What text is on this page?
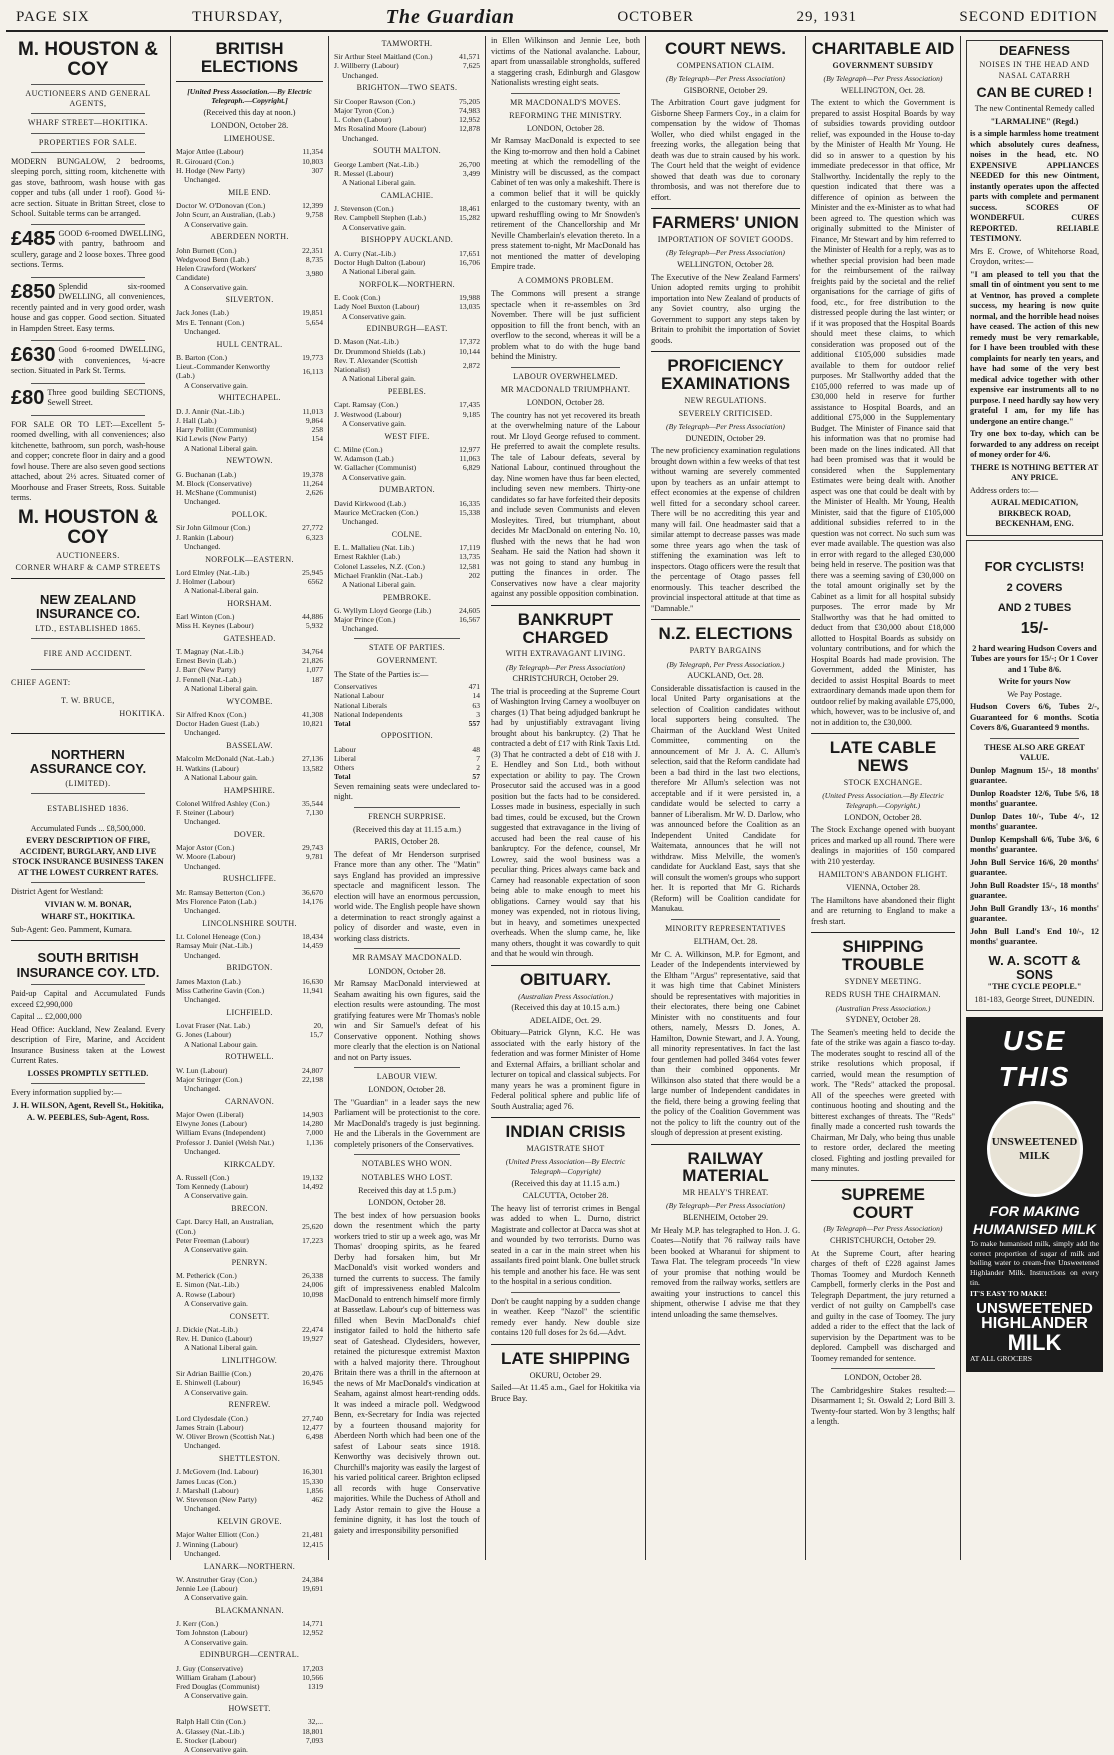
PAGE SIX	THURSDAY,	The Guardian	OCTOBER	29, 1931	SECOND EDITION
M. HOUSTON & COY
AUCTIONEERS AND GENERAL AGENTS,
WHARF STREET—HOKITIKA.
PROPERTIES FOR SALE.

MODERN BUNGALOW, 2 bedrooms, sleeping porch, sitting room, kitchenette with gas stove, bathroom, wash house with gas copper and tubs (all under 1 roof). Good ¼-acre section. Situate in Brittan Street, close to School. Suitable terms can be arranged.

£485 GOOD 6-roomed DWELLING, with pantry, bathroom and scullery, garage and 2 loose boxes. Three good sections. Terms.

£850 Splendid six-roomed DWELLING, all conveniences, recently painted and in very good order, wash house and gas copper. Good section. Situated in Hampden Street. Easy terms.

£630 Good 6-roomed DWELLING, with conveniences, ¼-acre section. Situated in Park St. Terms.

£80 Three good building SECTIONS, Sewell Street.

FOR SALE OR TO LET:—Excellent 5-roomed dwelling, with all conveniences; also kitchenette, bathroom, sun porch, wash-house and copper; concrete floor in dairy and a good fowl house. There are also seven good sections attached, about 2½ acres. Situated corner of Moorhouse and Fraser Streets, Ross. Suitable terms.

M. HOUSTON & COY
AUCTIONEERS.
CORNER WHARF & CAMP STREETS
NEW ZEALAND INSURANCE CO.
LTD., ESTABLISHED 1865.
FIRE AND ACCIDENT.
CHIEF AGENT:
T. W. BRUCE,
HOKITIKA.
NORTHERN ASSURANCE COY.
(LIMITED).
ESTABLISHED 1836.

Accumulated Funds ... £8,500,000.

EVERY DESCRIPTION OF FIRE, ACCIDENT, BURGLARY, AND LIVE STOCK INSURANCE BUSINESS TAKEN AT THE LOWEST CURRENT RATES.

District Agent for Westland:

VIVIAN W. M. BONAR,

WHARF ST., HOKITIKA.

Sub-Agent: Geo. Pamment, Kumara.

SOUTH BRITISH INSURANCE COY. LTD.

Paid-up Capital and Accumulated Funds exceed £2,990,000

Capital ... £2,000,000

Head Office: Auckland, New Zealand. Every description of Fire, Marine, and Accident Insurance Business taken at the Lowest Current Rates.

LOSSES PROMPTLY SETTLED.

Every information supplied by:—

J. H. WILSON, Agent, Revell St., Hokitika,

A. W. PEEBLES, Sub-Agent, Ross.

BRITISH ELECTIONS

[United Press Association.—By Electric Telegraph.—Copyright.]

(Received this day at noon.)

LONDON, October 28.

LIMEHOUSE.
Major Attlee (Labour)	11,354
R. Girouard (Con.)	10,803
H. Hodge (New Party)	307
Unchanged.
MILE END.
Doctor W. O'Donovan (Con.)	12,399
John Scurr, an Australian, (Lab.)	9,758
A Conservative gain.
ABERDEEN NORTH.
John Burnett (Con.)	22,351
Wedgwood Benn (Lab.)	8,735
Helen Crawford (Workers' Candidate)	3,980
A Conservative gain.
SILVERTON.
Jack Jones (Lab.)	19,851
Mrs E. Tennant (Con.)	5,654
Unchanged.
HULL CENTRAL.
B. Barton (Con.)	19,773
Lieut.-Commander Kenworthy (Lab.)	16,113
A Conservative gain.
WHITECHAPEL.
D. J. Annir (Nat.-Lib.)	11,013
J. Hall (Lab.)	9,864
Harry Pollitt (Communist)	258
Kid Lewis (New Party)	154
A National Liberal gain.
NEWTOWN.
G. Buchanan (Lab.)	19,378
M. Block (Conservative)	11,264
H. McShane (Communist)	2,626
Unchanged.
POLLOK.
Sir John Gilmour (Con.)	27,772
J. Rankin (Labour)	6,323
Unchanged.
NORFOLK—EASTERN.
Lord Elmley (Nat.-Lib.)	25,945
J. Holmer (Labour)	6562
A National-Liberal gain.
HORSHAM.
Earl Winton (Con.)	44,886
Miss H. Keynes (Labour)	5,932
GATESHEAD.
T. Magnay (Nat.-Lib.)	34,764
Ernest Bevin (Lab.)	21,826
J. Barr (New Party)	1,077
J. Fennell (Nat.-Lab.)	187
A National Liberal gain.
WYCOMBE.
Sir Alfred Knox (Con.)	41,308
Doctor Haden Guest (Lab.)	10,821
Unchanged.
BASSELAW.
Malcolm McDonald (Nat.-Lab.)	27,136
H. Watkins (Labour)	13,582
A National Labour gain.
HAMPSHIRE.
Colonel Wilfred Ashley (Con.)	35,544
F. Steiner (Labour)	7,130
Unchanged.
DOVER.
Major Astor (Con.)	29,743
W. Moore (Labour)	9,781
Unchanged.
RUSHCLIFFE.
Mr. Ramsay Betterton (Con.)	36,670
Mrs Florence Paton (Lab.)	14,176
Unchanged.
LINCOLNSHIRE SOUTH.
Lt. Colonel Heneage (Con.)	18,434
Ramsay Muir (Nat.-Lib.)	14,459
Unchanged.
BRIDGTON.
James Maxton (Lab.)	16,630
Miss Catherine Gavin (Con.)	11,941
Unchanged.
LICHFIELD.
Lovat Fraser (Nat. Lab.)	20,
G. Jones (Labour)	15,7
A National Labour gain.
ROTHWELL.
W. Lun (Labour)	24,807
Major Stringer (Con.)	22,198
Unchanged.
CARNAVON.
Major Owen (Liberal)	14,903
Elwyne Jones (Labour)	14,280
William Evans (Independent)	7,000
Professor J. Daniel (Welsh Nat.)	1,136
Unchanged.
KIRKCALDY.
A. Russell (Con.)	19,132
Tom Kennedy (Labour)	14,492
A Conservative gain.
BRECON.
Capt. Darcy Hall, an Australian, (Con.)	25,620
Peter Freeman (Labour)	17,223
A Conservative gain.
PENRYN.
M. Petherick (Con.)	26,338
E. Simon (Nat.-Lib.)	24,006
A. Rowse (Labour)	10,098
A Conservative gain.
CONSETT.
J. Dickie (Nat.-Lib.)	22,474
Rev. H. Dunico (Labour)	19,927
A National Liberal gain.
LINLITHGOW.
Sir Adrian Baillie (Con.)	20,476
E. Shinwell (Labour)	16,945
A Conservative gain.
RENFREW.
Lord Clydesdale (Con.)	27,740
James Strain (Labour)	12,477
W. Oliver Brown (Scottish Nat.)	6,498
Unchanged.
SHETTLESTON.
J. McGovern (Ind. Labour)	16,301
James Lucas (Con.)	15,330
J. Marshall (Labour)	1,856
W. Stevenson (New Party)	462
Unchanged.
KELVIN GROVE.
Major Walter Elliott (Con.)	21,481
J. Winning (Labour)	12,415
Unchanged.
LANARK—NORTHERN.
W. Anstruther Gray (Con.)	24,384
Jennie Lee (Labour)	19,691
A Conservative gain.
BLACKMANNAN.
J. Kerr (Con.)	14,771
Tom Johnston (Labour)	12,952
A Conservative gain.
EDINBURGH—CENTRAL.
J. Guy (Conservative)	17,203
William Graham (Labour)	10,566
Fred Douglas (Communist)	1319
A Conservative gain.
HOWSETT.
Ralph Hall Ctin (Con.)	32,...
A. Glassey (Nat.-Lib.)	18,801
E. Stocker (Labour)	7,093
A Conservative gain.
TAMWORTH.
Sir Arthur Steel Maitland (Con.)	41,571
J. Willberry (Labour)	7,625
Unchanged.
BRIGHTON—TWO SEATS.
Sir Cooper Rawson (Con.)	75,205
Major Tyron (Con.)	74,983
L. Cohen (Labour)	12,952
Mrs Rosalind Moore (Labour)	12,878
Unchanged.
SOUTH MALTON.
George Lambert (Nat.-Lib.)	26,700
R. Messel (Labour)	3,499
A National Liberal gain.
CAMLACHIE.
J. Stevenson (Con.)	18,461
Rev. Campbell Stephen (Lab.)	15,282
A Conservative gain.
BISHOPPY AUCKLAND.
A. Curry (Nat.-Lib.)	17,651
Doctor Hugh Dalton (Labour)	16,706
A National Liberal gain.
NORFOLK—NORTHERN.
E. Cook (Con.)	19,988
Lady Noel Buxton (Labour)	13,035
A Conservative gain.
EDINBURGH—EAST.
D. Mason (Nat.-Lib.)	17,372
Dr. Drummond Shields (Lab.)	10,144
Rev. T. Alexander (Scottish Nationalist)	2,872
A National Liberal gain.
PEEBLES.
Capt. Ramsay (Con.)	17,435
J. Westwood (Labour)	9,185
A Conservative gain.
WEST FIFE.
C. Milne (Con.)	12,977
W. Adamson (Lab.)	11,063
W. Gallacher (Communist)	6,829
A Conservative gain.
DUMBARTON.
David Kirkwood (Lab.)	16,335
Maurice McCracken (Con.)	15,338
Unchanged.
COLNE.
E. L. Mallalieu (Nat. Lib.)	17,119
Ernest Rakhler (Lab.)	13,735
Colonel Lasseles, N.Z. (Con.)	12,581
Michael Franklin (Nat.-Lab.)	202
A National Liberal gain.
PEMBROKE.
G. Wyllym Lloyd George (Lib.)	24,605
Major Prince (Con.)	16,567
Unchanged.
STATE OF PARTIES.
GOVERNMENT.

The State of the Parties is:—

Conservatives	471
National Labour	14
National Liberals	63
National Independents	3
Total	557
OPPOSITION.
Labour	48
Liberal	7
Others	2
Total	57

Seven remaining seats were undeclared to-night.

FRENCH SURPRISE.

(Received this day at 11.15 a.m.)

PARIS, October 28.

The defeat of Mr Henderson surprised France more than any other. The "Matin" says England has provided an impressive spectacle and magnificent lesson. The election will have an enormous percussion, world wide. The English people have shown a determination to react strongly against a policy of disorder and waste, even in working class districts.

MR RAMSAY MACDONALD.

LONDON, October 28.

Mr Ramsay MacDonald interviewed at Seaham awaiting his own figures, said the election results were astounding. The most gratifying features were Mr Thomas's noble win and Sir Samuel's defeat of his Conservative opponent. Nothing shows more clearly that the election is on National and not on Party issues.

LABOUR VIEW.

LONDON, October 28.

The "Guardian" in a leader says the new Parliament will be protectionist to the core. Mr MacDonald's tragedy is just beginning. He and the Liberals in the Government are completely prisoners of the Conservatives.

NOTABLES WHO WON.
NOTABLES WHO LOST.

Received this day at 1.5 p.m.)

LONDON, October 28.

The best index of how persuasion books down the resentment which the party workers tried to stir up a week ago, was Mr Thomas' drooping spirits, as he feared Derby had forsaken him, but Mr MacDonald's visit worked wonders and turned the currents to success. The family gift of impressiveness enabled Malcolm MacDonald to entrench himself more firmly at Bassetlaw. Labour's cup of bitterness was filled when Bevin MacDonald's chief instigator failed to hold the hitherto safe seat of Gateshead. Clydesiders, however, retained the picturesque extremist Maxton with a halved majority there. Throughout Britain there was a thrill in the afternoon at the news of Mr MacDonald's vindication at Seaham, against almost heart-rending odds. It was indeed a miracle poll. Wedgwood Benn, ex-Secretary for India was rejected by a fourteen thousand majority for Aberdeen North which had been one of the safest of Labour seats since 1918. Kenworthy was decisively thrown out. Churchill's majority was easily the largest of his varied political career. Brighton eclipsed all records with huge Conservative majorities. While the Duchess of Atholl and Lady Astor remain to give the House a feminine dignity, it has lost the touch of gaiety and irresponsibility personified

in Ellen Wilkinson and Jennie Lee, both victims of the National avalanche. Labour, apart from unassailable strongholds, suffered a staggering crash, Edinburgh and Glasgow Nationalists wresting eight seats.

MR MACDONALD'S MOVES.
REFORMING THE MINISTRY.

LONDON, October 28.

Mr Ramsay MacDonald is expected to see the King to-morrow and then hold a Cabinet meeting at which the remodelling of the Ministry will be discussed, as the compact Cabinet of ten was only a makeshift. There is a common belief that it will be quickly enlarged to the customary twenty, with an upward reshuffling owing to Mr Snowden's retirement of the Chancellorship and Mr Neville Chamberlain's elevation thereto. In a press statement to-night, Mr MacDonald has not mentioned the matter of developing Empire trade.

A COMMONS PROBLEM.

The Commons will present a strange spectacle when it re-assembles on 3rd November. There will be just sufficient opposition to fill the front bench, with an overflow to the second, whereas it will be a problem what to do with the huge band behind the Ministry.

LABOUR OVERWHELMED.
MR MACDONALD TRIUMPHANT.

LONDON, October 28.

The country has not yet recovered its breath at the overwhelming nature of the Labour rout. Mr Lloyd George refused to comment. He preferred to await the complete results. The tale of Labour defeats, several by National Labour, continued throughout the day. Nine women have thus far been elected, including seven new members. Thirty-one candidates so far have forfeited their deposits and include seven Communists and eleven Mosleyites. Tired, but triumphant, about decides Mr MacDonald on entering No. 10, flushed with the news that he had won Seaham. He said the Nation had shown it was not going to stand any humbug in putting the finances in order. The Conservatives now have a clear majority against any possible opposition combination.

BANKRUPT CHARGED
WITH EXTRAVAGANT LIVING.

(By Telegraph—Per Press Association)

CHRISTCHURCH, October 29.

The trial is proceeding at the Supreme Court of Washington Irving Carney a woolbuyer on charges (1) That being adjudged bankrupt he had by unjustifiably extravagant living brought about his bankruptcy. (2) That he contracted a debt of £17 with Rink Taxis Ltd. (3) That he contracted a debt of £18 with J. E. Hendley and Son Ltd., both without expectation or ability to pay. The Crown Prosecutor said the accused was in a good position but the facts had to be considered. Losses made in business, especially in such bad times, could be excused, but the Crown suggested that extravagance in the living of accused had been the real cause of his bankruptcy. For the defence, counsel, Mr Lowrey, said the wool business was a peculiar thing. Prices always came back and Carney had reasonable expectation of soon being able to make enough to meet his obligations. Carney would say that his money was expended, not in riotous living, but in heavy, and sometimes unexpected overheads. When the slump came, he, like many others, thought it was cowardly to quit and that he would win through.

OBITUARY.

(Australian Press Association.)

(Received this day at 10.15 a.m.)

ADELAIDE, Oct. 29.

Obituary—Patrick Glynn, K.C. He was associated with the early history of the federation and was former Minister of Home and External Affairs, a brilliant scholar and lecturer on topical and classical subjects. For many years he was a prominent figure in Federal political sphere and public life of South Australia; aged 76.

INDIAN CRISIS
MAGISTRATE SHOT

(United Press Association—By Electric Telegraph—Copyright)

(Received this day at 11.15 a.m.)

CALCUTTA, October 28.

The heavy list of terrorist crimes in Bengal was added to when L. Durno, district Magistrate and collector at Dacca was shot at and wounded by two terrorists. Durno was seated in a car in the main street when his assailants fired point blank. One bullet struck his temple and another his face. He was sent to the hospital in a serious condition.

Don't be caught napping by a sudden change in weather. Keep "Nazol" the scientific remedy ever handy. New double size contains 120 full doses for 2s 6d.—Advt.

LATE SHIPPING

OKURU, October 29.

Sailed—At 11.45 a.m., Gael for Hokitika via Bruce Bay.

COURT NEWS.
COMPENSATION CLAIM.

(By Telegraph—Per Press Association)

GISBORNE, October 29.

The Arbitration Court gave judgment for Gisborne Sheep Farmers Coy., in a claim for compensation by the widow of Thomas Woller, who died whilst engaged in the freezing works, the allegation being that death was due to strain caused by his work. The Court held that the weight of evidence showed that death was due to coronary thrombosis, and was not therefore due to effort.

FARMERS' UNION
IMPORTATION OF SOVIET GOODS.

(By Telegraph—Per Press Association)

WELLINGTON, October 28.

The Executive of the New Zealand Farmers' Union adopted remits urging to prohibit importation into New Zealand of products of any Soviet country, also urging the Government to support any steps taken by Britain to prohibit the importation of Soviet goods.

PROFICIENCY EXAMINATIONS
NEW REGULATIONS.
SEVERELY CRITICISED.

(By Telegraph—Per Press Association)

DUNEDIN, October 29.

The new proficiency examination regulations brought down within a few weeks of that test without warning are severely commented upon by teachers as an unfair attempt to effect economies at the expense of children well fitted for a secondary school career. There will be no accrediting this year and many will fail. One headmaster said that a similar attempt to decrease passes was made some three years ago when the task of stiffening the examination was left to inspectors. Otago officers were the result that the percentage of Otago passes fell enormously. This teacher described the provincial inspectoral attitude at that time as "Damnable."

N.Z. ELECTIONS
PARTY BARGAINS

(By Telegraph, Per Press Association.)

AUCKLAND, Oct. 28.

Considerable dissatisfaction is caused in the local United Party organisations at the selection of Coalition candidates without local supporters being consulted. The Chairman of the Auckland West United Committee, commenting on the announcement of Mr J. A. C. Allum's selection, said that the Reform candidate had been a bad third in the last two elections, therefore Mr Allum's selection was not acceptable and if it were persisted in, a candidate would be selected to carry a banner of Liberalism. Mr W. D. Darlow, who was announced before the Coalition as an Independent United Candidate for Waitemata, announces that he will not withdraw. Miss Melville, the women's candidate for Auckland East, says that she will consult the women's groups who support her. It is reported that Mr G. Richards (Reform) will be Coalition candidate for Manukau.

MINORITY REPRESENTATIVES

ELTHAM, Oct. 28.

Mr C. A. Wilkinson, M.P. for Egmont, and Leader of the Independents interviewed by the Eltham "Argus" representative, said that it was high time that Cabinet Ministers should be representatives with majorities in their electorates, there being one Cabinet Minister with no constituents and four others, namely, Messrs D. Jones, A. Hamilton, Downie Stewart, and J. A. Young, all minority representatives. In fact the last four gentlemen had polled 3464 votes fewer than their combined opponents. Mr Wilkinson also stated that there would be a large number of Independent candidates in the field, there being a growing feeling that the policy of the Coalition Government was not the policy to lift the country out of the slough of depression at present existing.

RAILWAY MATERIAL
MR HEALY'S THREAT.

(By Telegraph—Per Press Association)

BLENHEIM, October 29.

Mr Healy M.P. has telegraphed to Hon. J. G. Coates—Notify that 76 railway rails have been booked at Wharanui for shipment to Tawa Flat. The telegram proceeds "In view of your promise that nothing would be removed from the railway works, settlers are awaiting your instructions to cancel this shipment, otherwise I advise me that they intend unloading the same themselves.

CHARITABLE AID
GOVERNMENT SUBSIDY

(By Telegraph—Per Press Association)

WELLINGTON, Oct. 28.

The extent to which the Government is prepared to assist Hospital Boards by way of subsidies towards providing outdoor relief, was expounded in the House to-day by the Minister of Health Mr Young. He did so in answer to a question by his immediate predecessor in that office, Mr Stallworthy. Incidentally the reply to the question indicated that there was a difference of opinion as between the Minister and the ex-Minister as to what had been agreed to. The question which was originally submitted to the Minister of Finance, Mr Stewart and by him referred to the Minister of Health for a reply, was as to whether special provision had been made for the reimbursement of the railway freights paid by the societal and the relief organisations for the carriage of gifts of food, etc., for free distribution to the distressed people during the last winter; or if it was proposed that the Hospital Boards should meet these claims, to which consideration was proposed out of the additional £105,000 subsidies made available to them for outdoor relief purposes. Mr Stallworthy added that the £105,000 referred to was made up of £30,000 held in reserve for further assistance to Hospital Boards, and an additional £75,000 in the Supplementary Budget. The Minister of Finance said that his information was that no promise had been made on the lines indicated. All that had been promised was that it would be considered when the Supplementary Estimates were being dealt with. Another aspect was one that could be dealt with by the Minister of Health. Mr Young, Health Minister, said that the figure of £105,000 additional subsidies referred to in the question was not correct. No such sum was ever made available. The question was also in error with regard to the alleged £30,000 being held in reserve. The position was that there was a seeming saving of £30,000 on the total amount originally set by the Cabinet as a limit for all hospital subsidy purposes. The error made by Mr Stallworthy was that he had omitted to deduct from that £30,000 about £18,000 allotted to Hospital Boards as subsidy on voluntary contributions, and for which the Hospital Boards had made provision. The Government, added the Minister, has decided to assist Hospital Boards to meet extraordinary demands made upon them for outdoor relief by making available £75,000, which, however, was to be inclusive of, and not in addition to, the £30,000.

LATE CABLE NEWS
STOCK EXCHANGE.

(United Press Association.—By Electric Telegraph.—Copyright.)

LONDON, October 28.

The Stock Exchange opened with buoyant prices and marked up all round. There were dealings in majorities of 150 compared with 210 yesterday.

HAMILTON'S ABANDON FLIGHT.

VIENNA, October 28.

The Hamiltons have abandoned their flight and are returning to England to make a fresh start.

SHIPPING TROUBLE
SYDNEY MEETING.
REDS RUSH THE CHAIRMAN.

(Australian Press Association.)

SYDNEY, October 28.

The Seamen's meeting held to decide the fate of the strike was again a fiasco to-day. The moderates sought to rescind all of the strike resolutions which proposal, if carried, would mean the resumption of work. The "Reds" attacked the proposal. All of the speeches were greeted with continuous hooting and shouting and the bitterest exchanges of threats. The "Reds" finally made a concerted rush towards the Chairman, Mr Daly, who being thus unable to restore order, declared the meeting closed. Fighting and jostling prevailed for many minutes.

SUPREME COURT

(By Telegraph—Per Press Association)

CHRISTCHURCH, October 29.

At the Supreme Court, after hearing charges of theft of £228 against James Thomas Toomey and Murdoch Kenneth Campbell, formerly clerks in the Post and Telegraph Department, the jury returned a verdict of not guilty on Campbell's case and guilty in the case of Toomey. The jury added a rider to the effect that the lack of supervision by the Department was to be deplored. Campbell was discharged and Toomey remanded for sentence.

LONDON, October 28.

The Cambridgeshire Stakes resulted:—Disarmament 1; St. Oswald 2; Lord Bill 3. Twenty-four started. Won by 3 lengths; half a length.

DEAFNESS
NOISES IN THE HEAD AND NASAL CATARRH
CAN BE CURED !

The new Continental Remedy called

"LARMALINE" (Regd.)

is a simple harmless home treatment which absolutely cures deafness, noises in the head, etc. NO EXPENSIVE APPLIANCES NEEDED for this new Ointment, instantly operates upon the affected parts with complete and permanent success. SCORES OF WONDERFUL CURES REPORTED. RELIABLE TESTIMONY.

Mrs E. Crowe, of Whitehorse Road, Croydon, writes:—

"I am pleased to tell you that the small tin of ointment you sent to me at Ventnor, has proved a complete success, my hearing is now quite normal, and the horrible head noises have ceased. The action of this new remedy must be very remarkable, for I have been troubled with these complaints for nearly ten years, and have had some of the very best medical advice together with other expensive ear instruments all to no purpose. I need hardly say how very grateful I am, for my life has undergone an entire change."

Try one box to-day, which can be forwarded to any address on receipt of money order for 4/6.

THERE IS NOTHING BETTER AT ANY PRICE.

Address orders to:—

AURAL MEDICATION, BIRKBECK ROAD, BECKENHAM, ENG.

FOR CYCLISTS!
2 COVERS
AND 2 TUBES
15/-

2 hard wearing Hudson Covers and Tubes are yours for 15/-; Or 1 Cover and 1 Tube 8/6.

Write for yours Now

We Pay Postage.

Hudson Covers 6/6, Tubes 2/-, Guaranteed for 6 months. Scotia Covers 8/6, Guaranteed 9 months.

THESE ALSO ARE GREAT VALUE.

Dunlop Magnum 15/-, 18 months' guarantee.

Dunlop Roadster 12/6, Tube 5/6, 18 months' guarantee.

Dunlop Dates 10/-, Tube 4/-, 12 months' guarantee.

Dunlop Kempshall 6/6, Tube 3/6, 6 months' guarantee.

John Bull Service 16/6, 20 months' guarantee.

John Bull Roadster 15/-, 18 months' guarantee.

John Bull Grandly 13/-, 16 months' guarantee.

John Bull Land's End 10/-, 12 months' guarantee.

W. A. SCOTT & SONS

"THE CYCLE PEOPLE."

181-183, George Street, DUNEDIN.

USE THIS
UNSWEETENED MILK
FOR MAKING HUMANISED MILK

To make humanised milk, simply add the correct proportion of sugar of milk and boiling water to cream-free Unsweetened Highlander Milk. Instructions on every tin.

IT'S EASY TO MAKE!

UNSWEETENED
HIGHLANDER
MILK

AT ALL GROCERS
